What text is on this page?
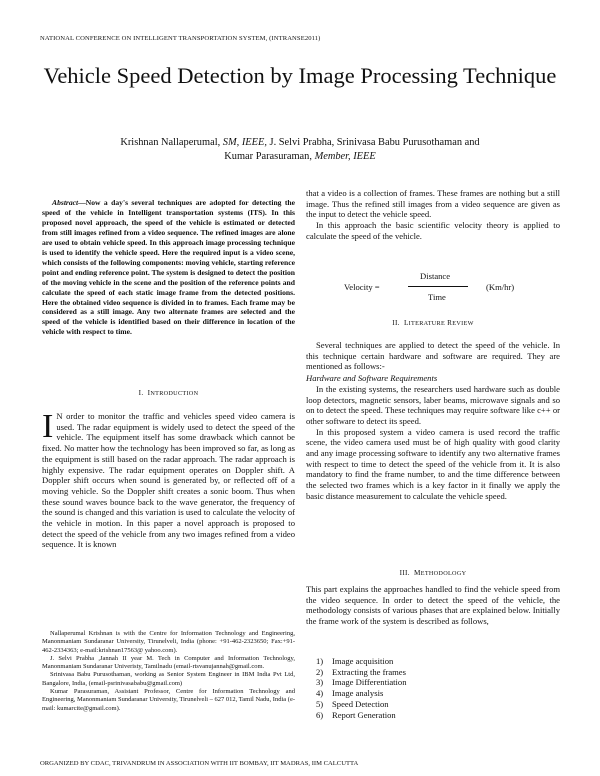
NATIONAL CONFERENCE ON INTELLIGENT TRANSPORTATION SYSTEM, (INTRANSE2011)
Vehicle Speed Detection by Image Processing Technique
Krishnan Nallaperumal, SM, IEEE, J. Selvi Prabha, Srinivasa Babu Purusothaman and
Kumar Parasuraman, Member, IEEE
Abstract—Now a day's several techniques are adopted for detecting the speed of the vehicle in Intelligent transportation systems (ITS). In this proposed novel approach, the speed of the vehicle is estimated or detected from still images refined from a video sequence. The refined images are alone are used to obtain vehicle speed. In this approach image processing technique is used to identify the vehicle speed. Here the required input is a video scene, which consists of the following components: moving vehicle, starting reference point and ending reference point. The system is designed to detect the position of the moving vehicle in the scene and the position of the reference points and calculate the speed of each static image frame from the detected positions. Here the obtained video sequence is divided in to frames. Each frame may be considered as a still image. Any two alternate frames are selected and the speed of the vehicle is identified based on their difference in location of the vehicle with respect to time.
I. INTRODUCTION
I N order to monitor the traffic and vehicles speed video camera is used. The radar equipment is widely used to detect the speed of the vehicle. The equipment itself has some drawback which cannot be fixed. No matter how the technology has been improved so far, as long as the equipment is still based on the radar approach. The radar approach is highly expensive. The radar equipment operates on Doppler shift. A Doppler shift occurs when sound is generated by, or reflected off of a moving vehicle. So the Doppler shift creates a sonic boom. Thus when these sound waves bounce back to the wave generator, the frequency of the sound is changed and this variation is used to calculate the velocity of the vehicle in motion. In this paper a novel approach is proposed to detect the speed of the vehicle from any two images refined from a video sequence. It is known

Nallaperumal Krishnan is with the Centre for Information Technology and Engineering, Manonmaniam Sundaranar University, Tirunelveli, India (phone: +91-462-2323650; Fax:+91-462-2334363; e-mail:krishnan17563@ yahoo.com).

J. Selvi Prabha ,Jannah II year M. Tech in Computer and Information Technology, Manonmaniam Sundaranar Univeristy, Tamilnadu (email-rtsvanujannah@gmail.com.

Srinivasa Babu Purusothaman, working as Senior System Engineer in IBM India Pvt Ltd, Bangalore, India, (email-psrinivasababu@gmail.com)

Kumar Parasuraman, Assistant Professor, Centre for Information Technology and Engineering, Manonmaniam Sundaranar University, Tirunelveli – 627 012, Tamil Nadu, India (e-mail: kumarcite@gmail.com).

that a video is a collection of frames. These frames are nothing but a still image. Thus the refined still images from a video sequence are given as the input to detect the vehicle speed.

In this approach the basic scientific velocity theory is applied to calculate the speed of the vehicle.

Velocity =
Distance
Time
(Km/hr)
II. LITERATURE REVIEW

Several techniques are applied to detect the speed of the vehicle. In this technique certain hardware and software are required. They are mentioned as follows:-

Hardware and Software Requirements

In the existing systems, the researchers used hardware such as double loop detectors, magnetic sensors, laber beams, microwave signals and so on to detect the speed. These techniques may require software like c++ or other software to detect its speed.

In this proposed system a video camera is used record the traffic scene, the video camera used must be of high quality with good clarity and any image processing software to identify any two alternative frames with respect to time to detect the speed of the vehicle from it. It is also mandatory to find the frame number, to and the time difference between the selected two frames which is a key factor in it finally we apply the basic distance measurement to calculate the vehicle speed.

III. METHODOLOGY

This part explains the approaches handled to find the vehicle speed from the video sequence. In order to detect the speed of the vehicle, the methodology consists of various phases that are explained below. Initially the frame work of the system is described as follows,

1) Image acquisition
2) Extracting the frames
3) Image Differentiation
4) Image analysis
5) Speed Detection
6) Report Generation
ORGANIZED BY CDAC, TRIVANDRUM IN ASSOCIATION WITH IIT BOMBAY, IIT MADRAS, IIM CALCUTTA
